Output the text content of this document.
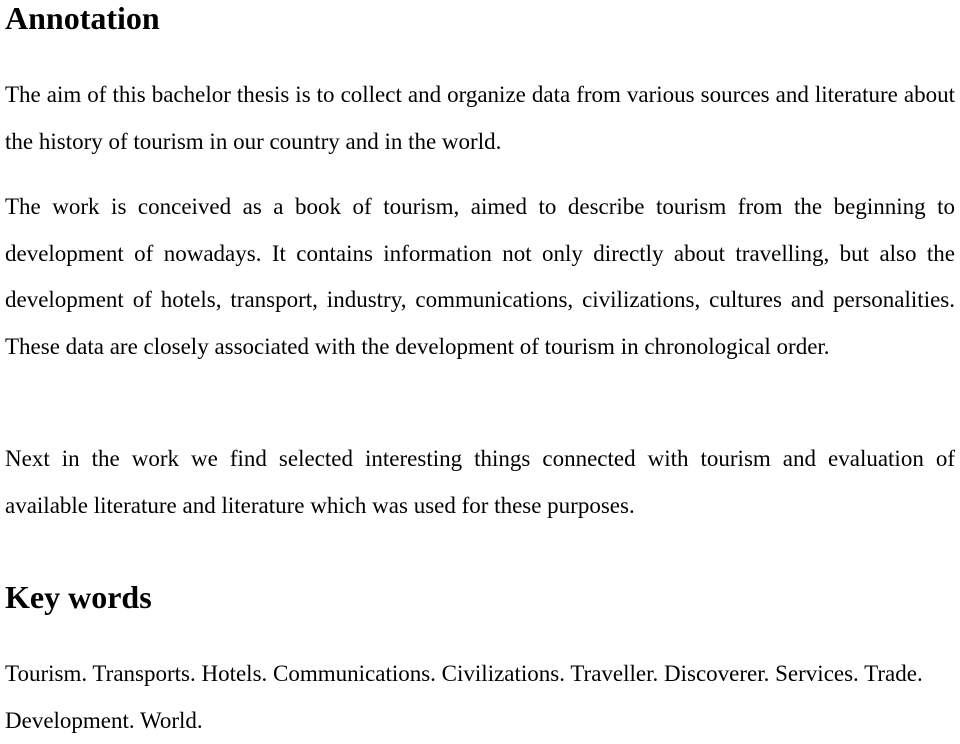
Annotation

The aim of this bachelor thesis is to collect and organize data from various sources and literature about the history of tourism in our country and in the world.

The work is conceived as a book of tourism, aimed to describe tourism from the beginning to development of nowadays. It contains information not only directly about travelling, but also the development of hotels, transport, industry, communications, civilizations, cultures and personalities. These data are closely associated with the development of tourism in chronological order.

Next in the work we find selected interesting things connected with tourism and evaluation of available literature and literature which was used for these purposes.

Key words

Tourism. Transports. Hotels. Communications. Civilizations. Traveller. Discoverer. Services. Trade. Development. World.
